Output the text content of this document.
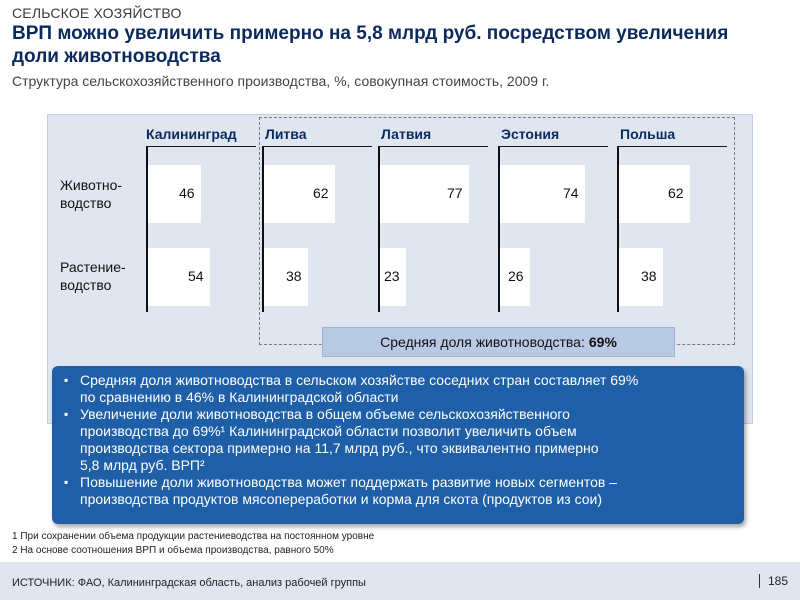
СЕЛЬСКОЕ ХОЗЯЙСТВО
ВРП можно увеличить примерно на 5,8 млрд руб. посредством увеличения доли животноводства
Структура сельскохозяйственного производства, %, совокупная стоимость, 2009 г.
Животно-
водство
Растение-
водство
Калининград
46
54
Литва
62
38
Латвия
77
23
Эстония
74
26
Польша
62
38
Средняя доля животноводства: 69%
▪ Средняя доля животноводства в сельском хозяйстве соседних стран составляет 69%
по сравнению в 46% в Калининградской области
▪ Увеличение доли животноводства в общем объеме сельскохозяйственного
производства до 69%¹ Калининградской области позволит увеличить объем
производства сектора примерно на 11,7 млрд руб., что эквивалентно примерно
5,8 млрд руб. ВРП²
▪ Повышение доли животноводства может поддержать развитие новых сегментов –
производства продуктов мясопереработки и корма для скота (продуктов из сои)
1 При сохранении объема продукции растениеводства на постоянном уровне
2 На основе соотношения ВРП и объема производства, равного 50%
ИСТОЧНИК: ФАО, Калининградская область, анализ рабочей группы	185
